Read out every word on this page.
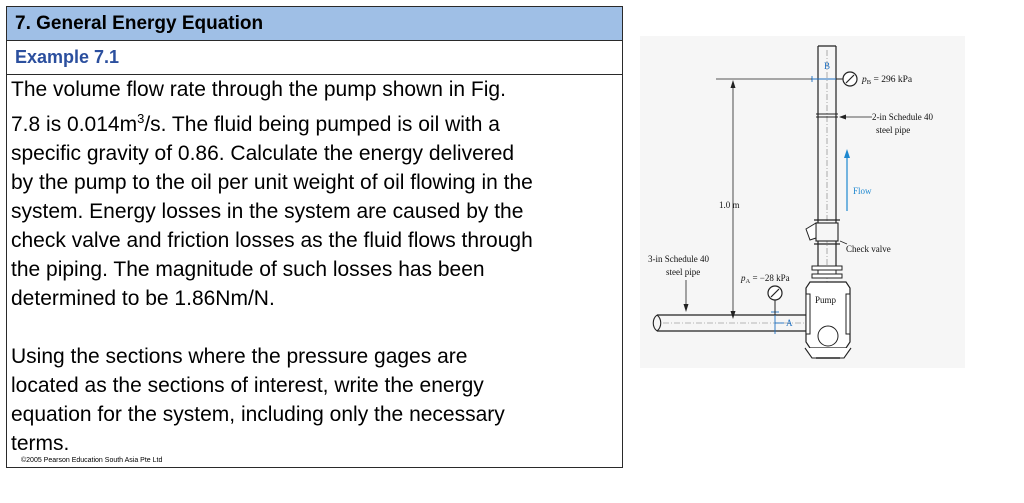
7. General Energy Equation
Example 7.1
The volume flow rate through the pump shown in Fig.
7.8 is $0.014m^3/s$. The fluid being pumped is oil with a
specific gravity of 0.86. Calculate the energy delivered
by the pump to the oil per unit weight of oil flowing in the
system. Energy losses in the system are caused by the
check valve and friction losses as the fluid flows through
the piping. The magnitude of such losses has been
determined to be 1.86Nm/N.
Using the sections where the pressure gages are
located as the sections of interest, write the energy
equation for the system, including only the necessary
terms.
©2005 Pearson Education South Asia Pte Ltd
B
$p_B = 296$ kPa
2-in Schedule 40
steel pipe
Flow
1.0 m
Check valve
Pump
A
$p_A = -28$ kPa
3-in Schedule 40
steel pipe
